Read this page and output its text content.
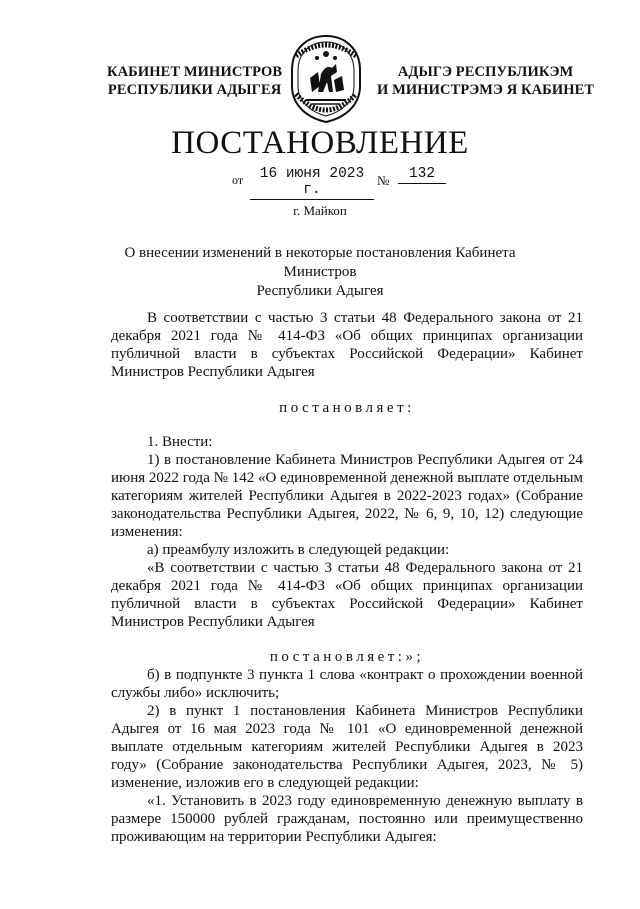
КАБИНЕТ МИНИСТРОВ
РЕСПУБЛИКИ АДЫГЕЯ
АДЫГЭ РЕСПУБЛИКЭМ
И МИНИСТРЭМЭ Я КАБИНЕТ
ПОСТАНОВЛЕНИЕ
от	16 июня 2023 г.
№	132
г. Майкоп
О внесении изменений в некоторые постановления Кабинета Министров
Республики Адыгея

В соответствии с частью 3 статьи 48 Федерального закона от 21 декабря 2021 года № 414-ФЗ «Об общих принципах организации публичной власти в субъектах Российской Федерации» Кабинет Министров Республики Адыгея

постановляет:

1. Внести:

1) в постановление Кабинета Министров Республики Адыгея от 24 июня 2022 года № 142 «О единовременной денежной выплате отдельным категориям жителей Республики Адыгея в 2022-2023 годах» (Собрание законодательства Республики Адыгея, 2022, № 6, 9, 10, 12) следующие изменения:

а) преамбулу изложить в следующей редакции:

«В соответствии с частью 3 статьи 48 Федерального закона от 21 декабря 2021 года № 414-ФЗ «Об общих принципах организации публичной власти в субъектах Российской Федерации» Кабинет Министров Республики Адыгея

постановляет:»;

б) в подпункте 3 пункта 1 слова «контракт о прохождении военной службы либо» исключить;

2) в пункт 1 постановления Кабинета Министров Республики Адыгея от 16 мая 2023 года № 101 «О единовременной денежной выплате отдельным категориям жителей Республики Адыгея в 2023 году» (Собрание законодательства Республики Адыгея, 2023, № 5) изменение, изложив его в следующей редакции:

«1. Установить в 2023 году единовременную денежную выплату в размере 150000 рублей гражданам, постоянно или преимущественно проживающим на территории Республики Адыгея:
